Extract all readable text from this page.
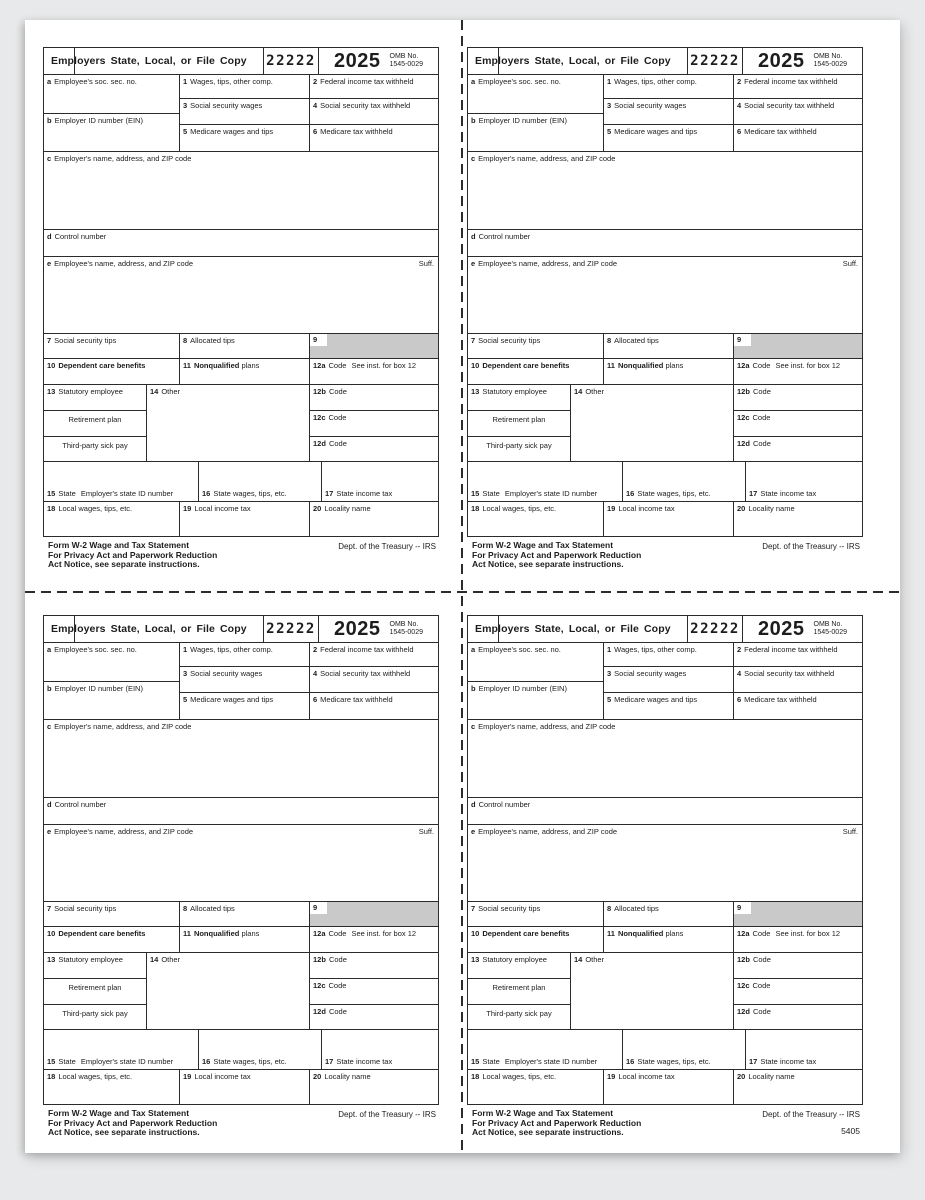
Employers State, Local, or File Copy 22222 2025 OMB No.
1545-0029
a Employee's soc. sec. no.	1 Wages, tips, other comp.	2 Federal income tax withheld
3 Social security wages	4 Social security tax withheld
b Employer ID number (EIN)
5 Medicare wages and tips	6 Medicare tax withheld
c Employer's name, address, and ZIP code
d Control number
e Employee's name, address, and ZIP code	Suff.
7 Social security tips	8 Allocated tips	9
10 Dependent care benefits	11 Nonqualified plans	12a Code See inst. for box 12
13 Statutory employee
Retirement plan
Third-party sick pay
14 Other	12b Code
12c Code
12d Code
15 State Employer's state ID number	16 State wages, tips, etc.	17 State income tax
18 Local wages, tips, etc.	19 Local income tax	20 Locality name
Form W-2 Wage and Tax Statement
For Privacy Act and Paperwork Reduction
Act Notice, see separate instructions.
Dept. of the Treasury -- IRS
Employers State, Local, or File Copy 22222 2025 OMB No.
1545-0029
a Employee's soc. sec. no.	1 Wages, tips, other comp.	2 Federal income tax withheld
3 Social security wages	4 Social security tax withheld
b Employer ID number (EIN)
5 Medicare wages and tips	6 Medicare tax withheld
c Employer's name, address, and ZIP code
d Control number
e Employee's name, address, and ZIP code	Suff.
7 Social security tips	8 Allocated tips	9
10 Dependent care benefits	11 Nonqualified plans	12a Code See inst. for box 12
13 Statutory employee
Retirement plan
Third-party sick pay
14 Other	12b Code
12c Code
12d Code
15 State Employer's state ID number	16 State wages, tips, etc.	17 State income tax
18 Local wages, tips, etc.	19 Local income tax	20 Locality name
Form W-2 Wage and Tax Statement
For Privacy Act and Paperwork Reduction
Act Notice, see separate instructions.
Dept. of the Treasury -- IRS
Employers State, Local, or File Copy 22222 2025 OMB No.
1545-0029
a Employee's soc. sec. no.	1 Wages, tips, other comp.	2 Federal income tax withheld
3 Social security wages	4 Social security tax withheld
b Employer ID number (EIN)
5 Medicare wages and tips	6 Medicare tax withheld
c Employer's name, address, and ZIP code
d Control number
e Employee's name, address, and ZIP code	Suff.
7 Social security tips	8 Allocated tips	9
10 Dependent care benefits	11 Nonqualified plans	12a Code See inst. for box 12
13 Statutory employee
Retirement plan
Third-party sick pay
14 Other	12b Code
12c Code
12d Code
15 State Employer's state ID number	16 State wages, tips, etc.	17 State income tax
18 Local wages, tips, etc.	19 Local income tax	20 Locality name
Form W-2 Wage and Tax Statement
For Privacy Act and Paperwork Reduction
Act Notice, see separate instructions.
Dept. of the Treasury -- IRS
Employers State, Local, or File Copy 22222 2025 OMB No.
1545-0029
a Employee's soc. sec. no.	1 Wages, tips, other comp.	2 Federal income tax withheld
3 Social security wages	4 Social security tax withheld
b Employer ID number (EIN)
5 Medicare wages and tips	6 Medicare tax withheld
c Employer's name, address, and ZIP code
d Control number
e Employee's name, address, and ZIP code	Suff.
7 Social security tips	8 Allocated tips	9
10 Dependent care benefits	11 Nonqualified plans	12a Code See inst. for box 12
13 Statutory employee
Retirement plan
Third-party sick pay
14 Other	12b Code
12c Code
12d Code
15 State Employer's state ID number	16 State wages, tips, etc.	17 State income tax
18 Local wages, tips, etc.	19 Local income tax	20 Locality name
Form W-2 Wage and Tax Statement
For Privacy Act and Paperwork Reduction
Act Notice, see separate instructions.
Dept. of the Treasury -- IRS
5405
